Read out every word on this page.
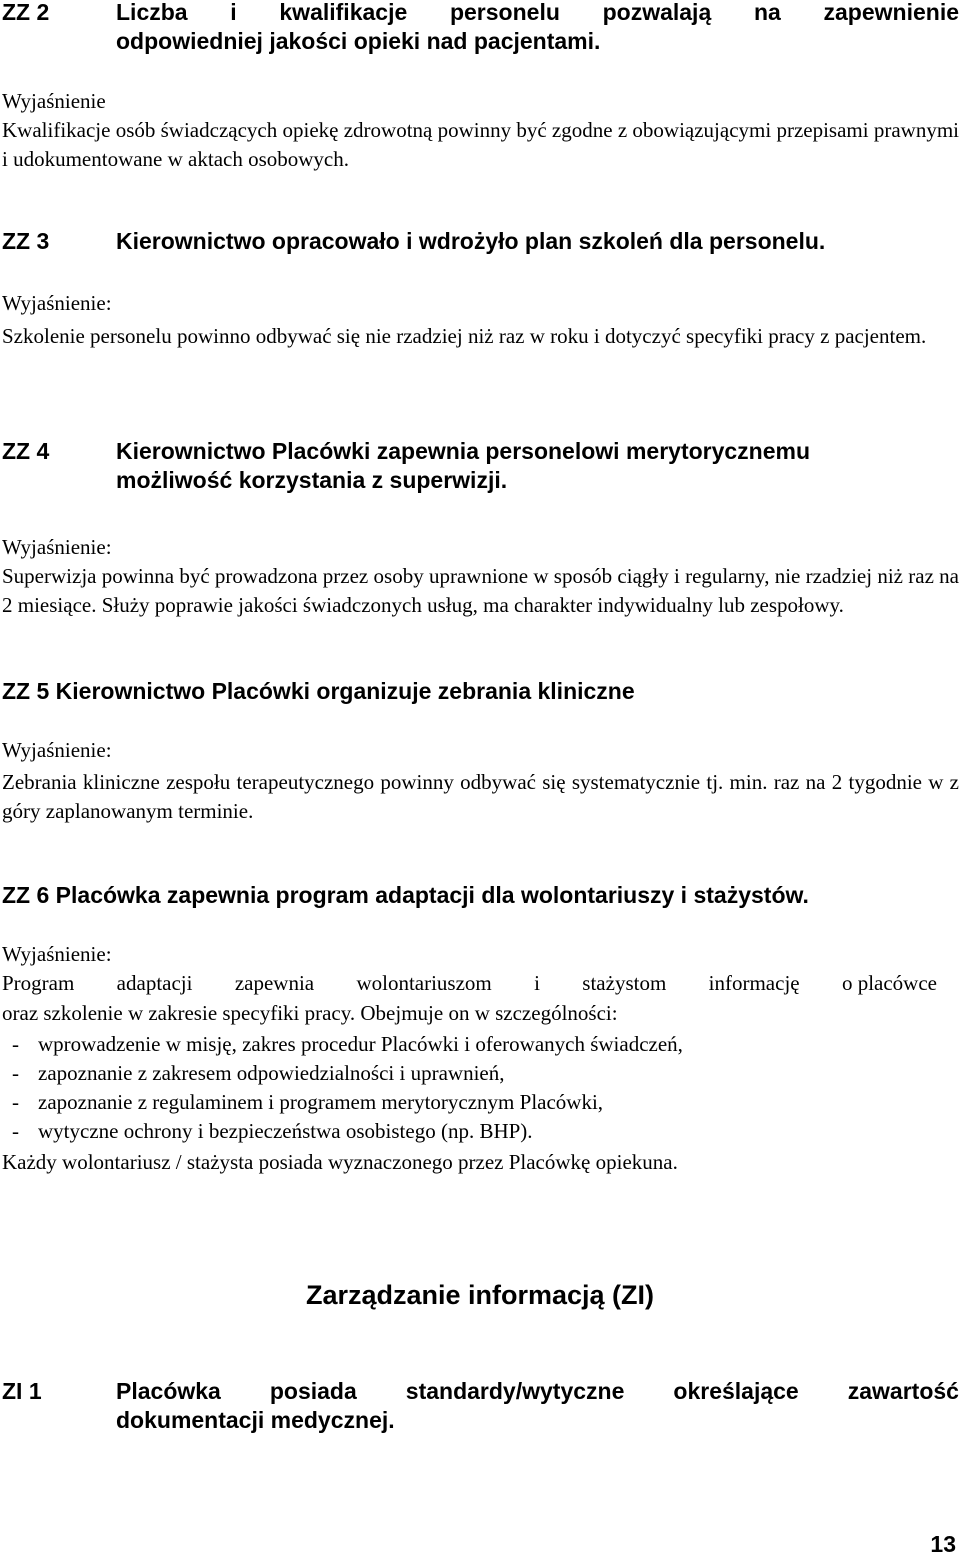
ZZ 2	Liczba i kwalifikacje personelu pozwalają na zapewnienie
odpowiedniej jakości opieki nad pacjentami.
Wyjaśnienie
Kwalifikacje osób świadczących opiekę zdrowotną powinny być zgodne z obowiązującymi przepisami prawnymi i udokumentowane w aktach osobowych.
ZZ 3	Kierownictwo opracowało i wdrożyło plan szkoleń dla personelu.
Wyjaśnienie:
Szkolenie personelu powinno odbywać się nie rzadziej niż raz w roku i dotyczyć specyfiki pracy z pacjentem.
ZZ 4	Kierownictwo Placówki zapewnia personelowi merytorycznemu
możliwość korzystania z superwizji.
Wyjaśnienie:
Superwizja powinna być prowadzona przez osoby uprawnione w sposób ciągły i regularny, nie rzadziej niż raz na 2 miesiące. Służy poprawie jakości świadczonych usług, ma charakter indywidualny lub zespołowy.
ZZ 5 Kierownictwo Placówki organizuje zebrania kliniczne
Wyjaśnienie:
Zebrania kliniczne zespołu terapeutycznego powinny odbywać się systematycznie tj. min. raz na 2 tygodnie w z góry zaplanowanym terminie.
ZZ 6 Placówka zapewnia program adaptacji dla wolontariuszy i stażystów.
Wyjaśnienie:
Program adaptacji zapewnia wolontariuszom i stażystom informację o placówce
oraz szkolenie w zakresie specyfiki pracy. Obejmuje on w szczególności:
- wprowadzenie w misję, zakres procedur Placówki i oferowanych świadczeń,
- zapoznanie z zakresem odpowiedzialności i uprawnień,
- zapoznanie z regulaminem i programem merytorycznym Placówki,
- wytyczne ochrony i bezpieczeństwa osobistego (np. BHP).
Każdy wolontariusz / stażysta posiada wyznaczonego przez Placówkę opiekuna.
Zarządzanie informacją (ZI)
ZI 1	Placówka posiada standardy/wytyczne określające zawartość
dokumentacji medycznej.
13
